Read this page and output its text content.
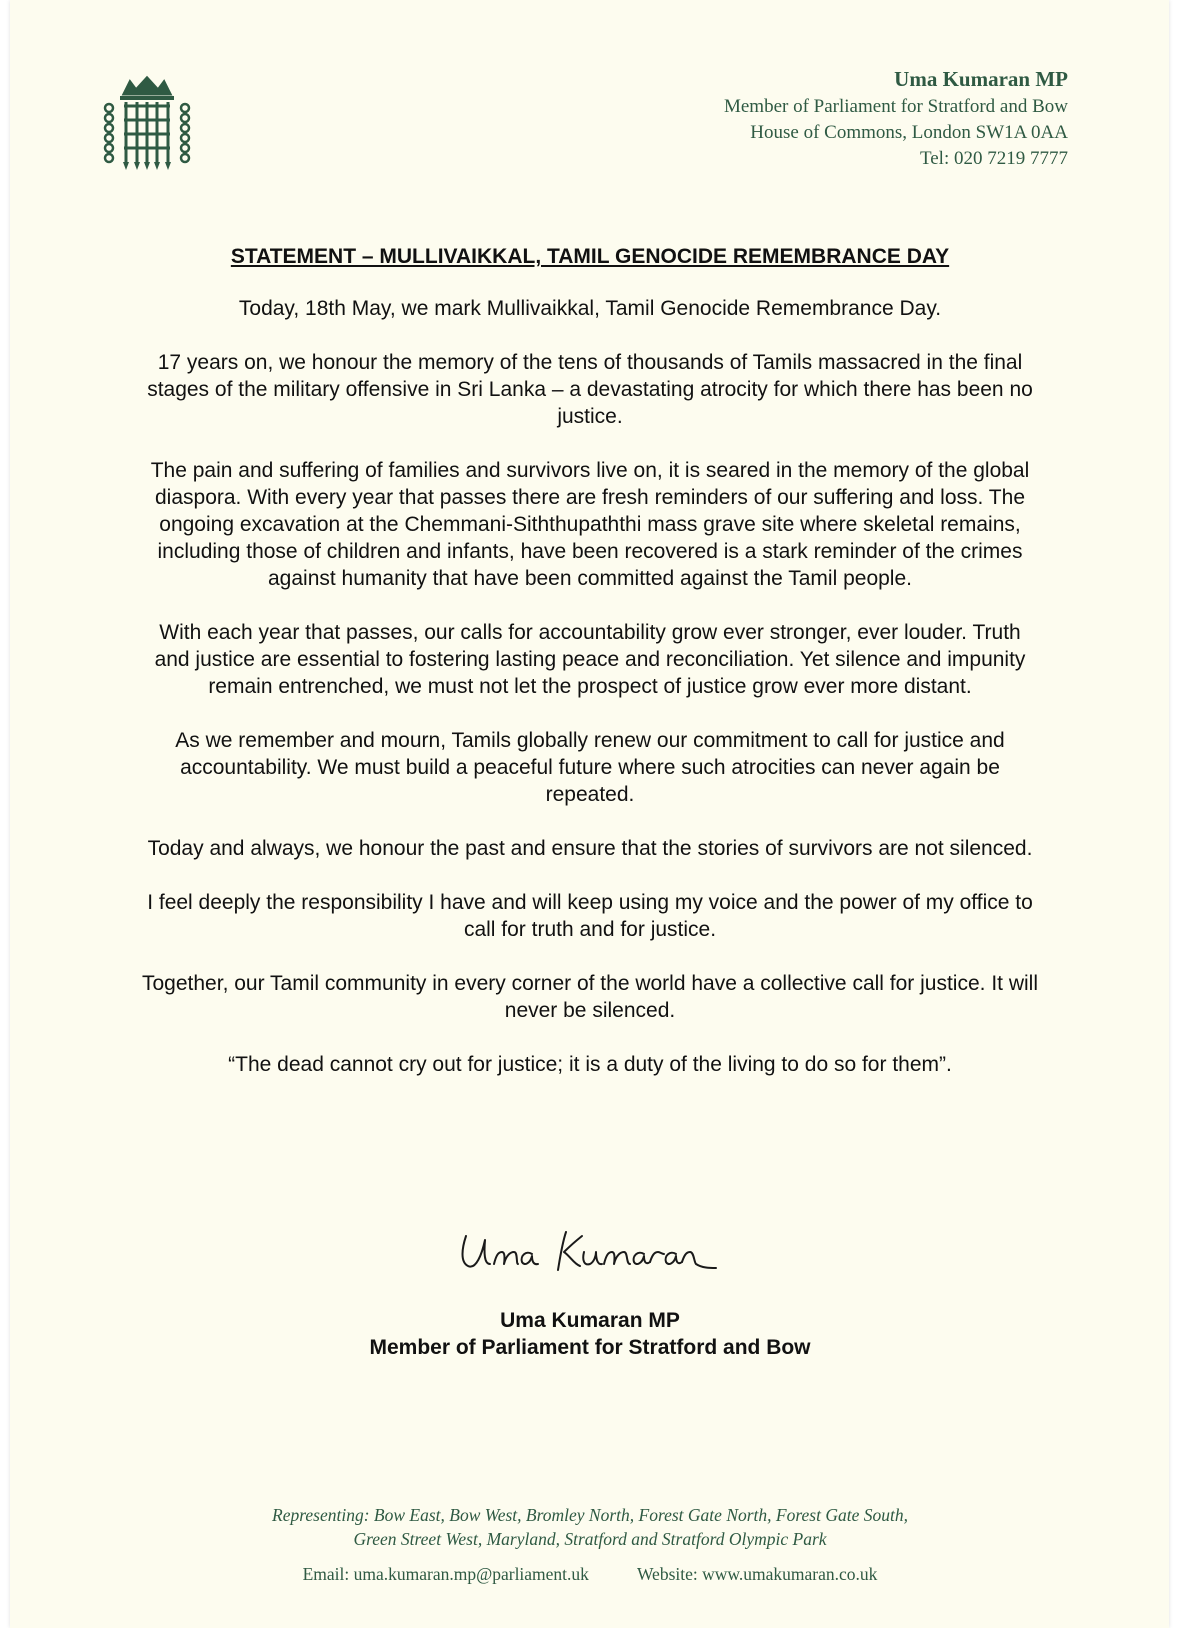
Uma Kumaran MP
Member of Parliament for Stratford and Bow
House of Commons, London SW1A 0AA
Tel: 020 7219 7777
STATEMENT – MULLIVAIKKAL, TAMIL GENOCIDE REMEMBRANCE DAY

Today, 18th May, we mark Mullivaikkal, Tamil Genocide Remembrance Day.

17 years on, we honour the memory of the tens of thousands of Tamils massacred in the final stages of the military offensive in Sri Lanka – a devastating atrocity for which there has been no justice.

The pain and suffering of families and survivors live on, it is seared in the memory of the global diaspora. With every year that passes there are fresh reminders of our suffering and loss. The ongoing excavation at the Chemmani-Siththupaththi mass grave site where skeletal remains, including those of children and infants, have been recovered is a stark reminder of the crimes against humanity that have been committed against the Tamil people.

With each year that passes, our calls for accountability grow ever stronger, ever louder. Truth and justice are essential to fostering lasting peace and reconciliation. Yet silence and impunity remain entrenched, we must not let the prospect of justice grow ever more distant.

As we remember and mourn, Tamils globally renew our commitment to call for justice and accountability. We must build a peaceful future where such atrocities can never again be repeated.

Today and always, we honour the past and ensure that the stories of survivors are not silenced.

I feel deeply the responsibility I have and will keep using my voice and the power of my office to call for truth and for justice.

Together, our Tamil community in every corner of the world have a collective call for justice. It will never be silenced.

“The dead cannot cry out for justice; it is a duty of the living to do so for them”.

Uma Kumaran MP
Member of Parliament for Stratford and Bow
Representing: Bow East, Bow West, Bromley North, Forest Gate North, Forest Gate South,
Green Street West, Maryland, Stratford and Stratford Olympic Park
Email: uma.kumaran.mp@parliament.uk	Website: www.umakumaran.co.uk
